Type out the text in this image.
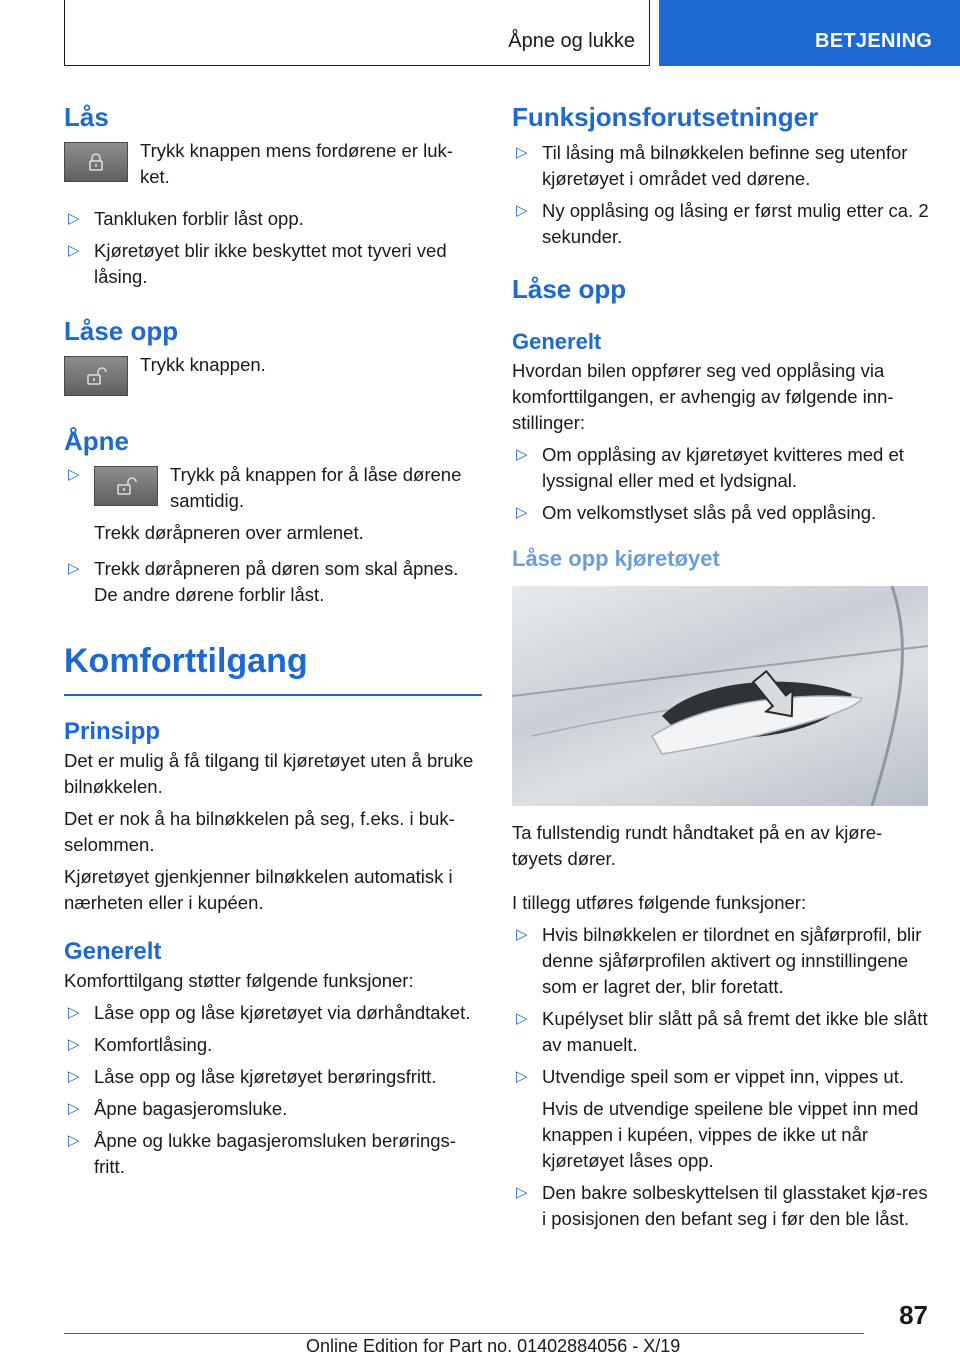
Åpne og lukke	BETJENING
Lås
Trykk knappen mens fordørene er luk-ket.
▷ Tankluken forblir låst opp.
▷ Kjøretøyet blir ikke beskyttet mot tyveri ved låsing.
Låse opp
Trykk knappen.
Åpne
▷	Trykk på knappen for å låse dørene samtidig.
Trekk døråpneren over armlenet.
▷ Trekk døråpneren på døren som skal åpnes. De andre dørene forblir låst.
Komforttilgang
Prinsipp

Det er mulig å få tilgang til kjøretøyet uten å bruke bilnøkkelen.

Det er nok å ha bilnøkkelen på seg, f.eks. i buk-selommen.

Kjøretøyet gjenkjenner bilnøkkelen automatisk i nærheten eller i kupéen.

Generelt

Komforttilgang støtter følgende funksjoner:

▷ Låse opp og låse kjøretøyet via dørhåndtaket.
▷ Komfortlåsing.
▷ Låse opp og låse kjøretøyet berøringsfritt.
▷ Åpne bagasjeromsluke.
▷ Åpne og lukke bagasjeromsluken berørings-fritt.
Funksjonsforutsetninger
▷ Til låsing må bilnøkkelen befinne seg utenfor kjøretøyet i området ved dørene.
▷ Ny opplåsing og låsing er først mulig etter ca. 2 sekunder.
Låse opp
Generelt

Hvordan bilen oppfører seg ved opplåsing via komforttilgangen, er avhengig av følgende inn-stillinger:

▷ Om opplåsing av kjøretøyet kvitteres med et lyssignal eller med et lydsignal.
▷ Om velkomstlyset slås på ved opplåsing.
Låse opp kjøretøyet

Ta fullstendig rundt håndtaket på en av kjøre-tøyets dører.

I tillegg utføres følgende funksjoner:

▷ Hvis bilnøkkelen er tilordnet en sjåførprofil, blir denne sjåførprofilen aktivert og innstillingene som er lagret der, blir foretatt.
▷ Kupélyset blir slått på så fremt det ikke ble slått av manuelt.
▷ Utvendige speil som er vippet inn, vippes ut.
Hvis de utvendige speilene ble vippet inn med knappen i kupéen, vippes de ikke ut når kjøretøyet låses opp.
▷ Den bakre solbeskyttelsen til glasstaket kjø-res i posisjonen den befant seg i før den ble låst.
87
Online Edition for Part no. 01402884056 - X/19
